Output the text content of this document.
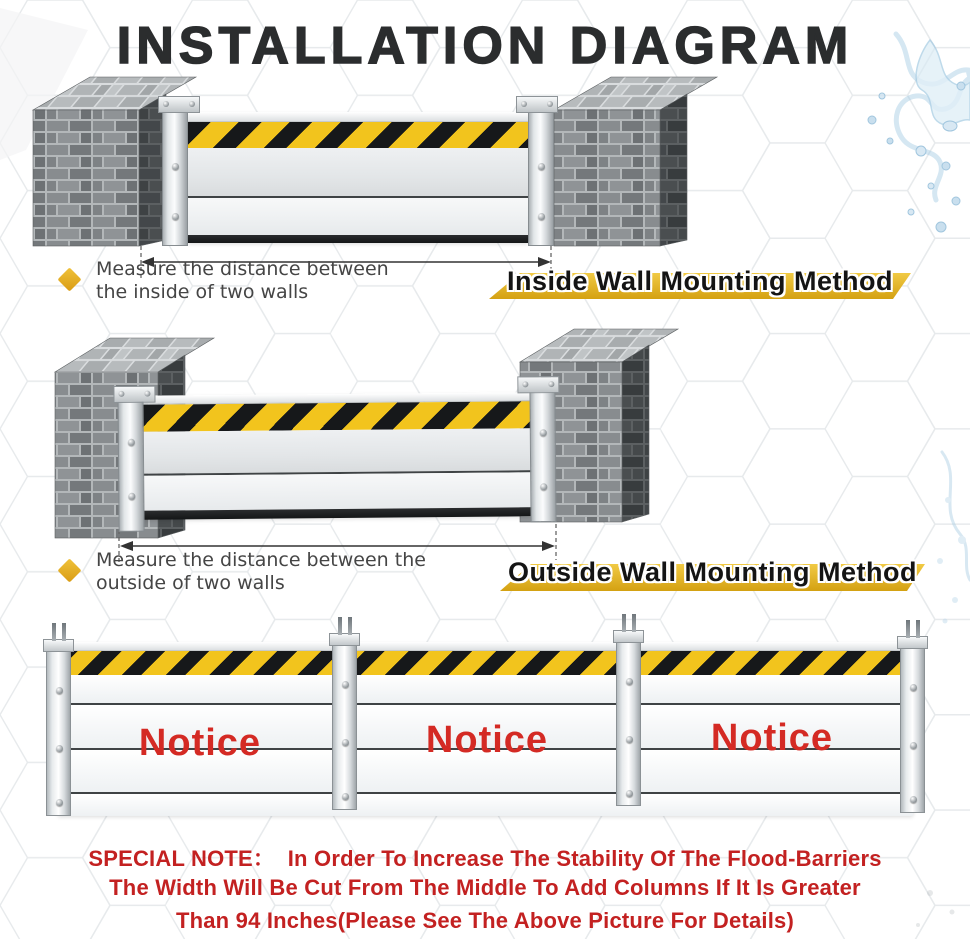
INSTALLATION DIAGRAM
Measure the distance between
the inside of two walls	Inside Wall Mounting Method
Measure the distance between the
outside of two walls	Outside Wall Mounting Method
Notice	Notice	Notice
SPECIAL NOTE：  In Order To Increase The Stability Of The Flood-Barriers
The Width Will Be Cut From The Middle To Add Columns If It Is Greater
Than 94 Inches(Please See The Above Picture For Details)
